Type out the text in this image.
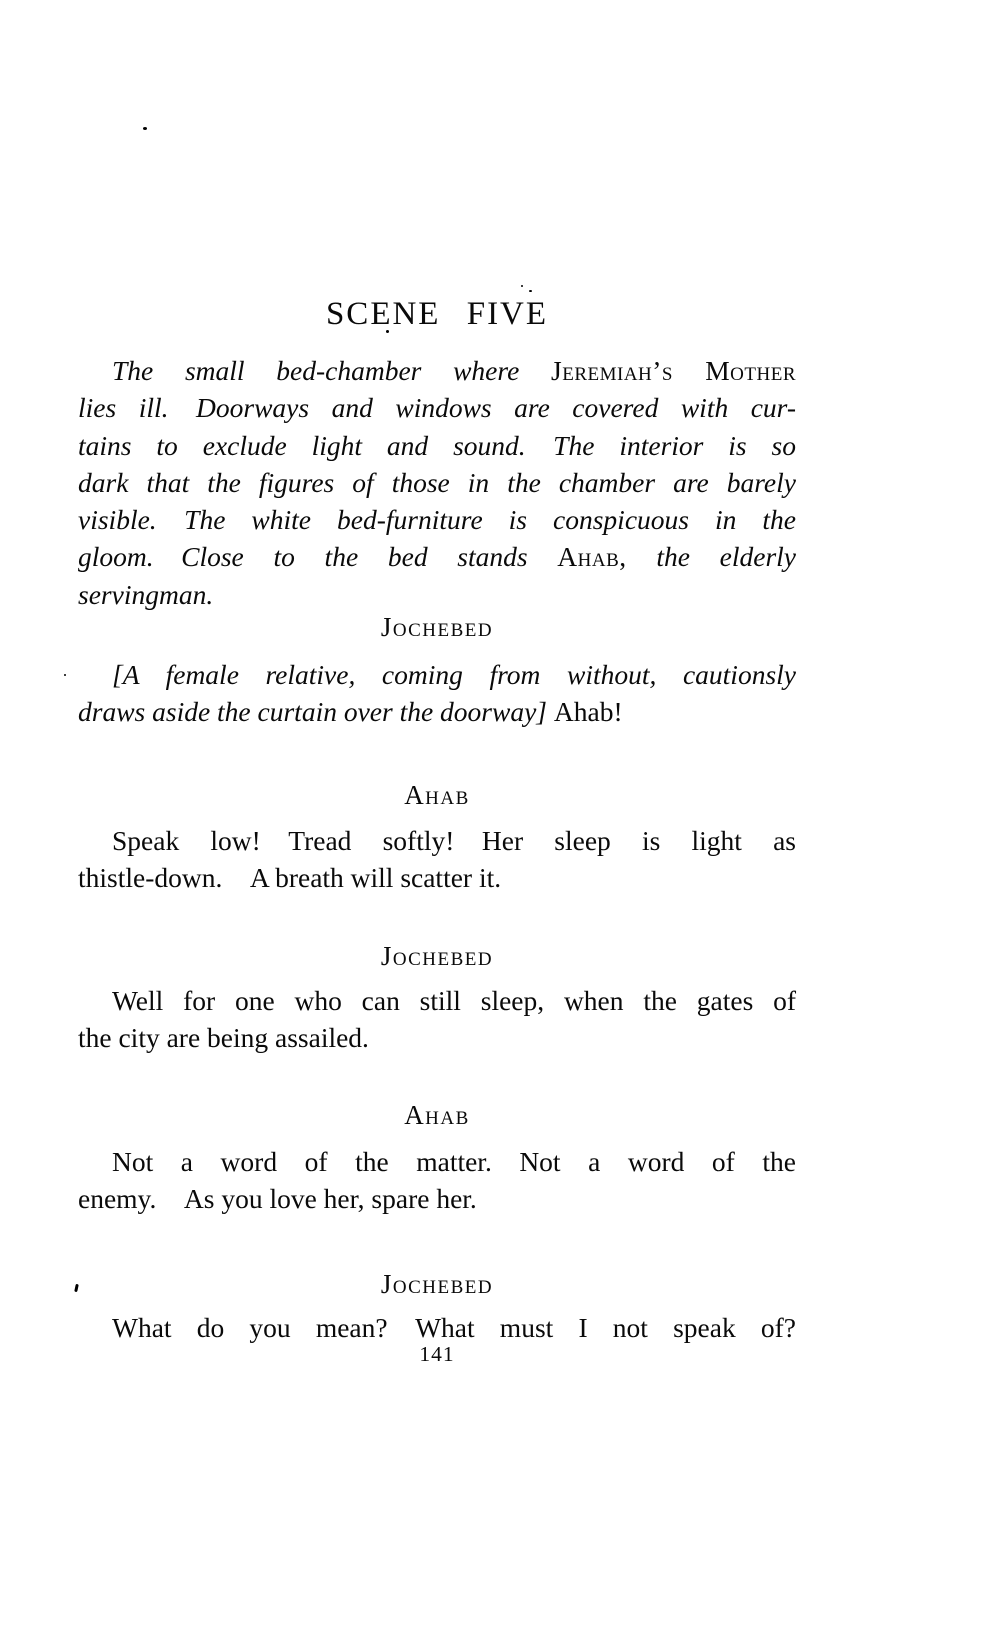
SCENE FIVE
The small bed-chamber where Jeremiah’s Mother
lies ill. Doorways and windows are covered with cur-
tains to exclude light and sound. The interior is so
dark that the figures of those in the chamber are barely
visible. The white bed-furniture is conspicuous in the
gloom. Close to the bed stands Ahab, the elderly
servingman.
Jochebed
[A female relative, coming from without, cautionsly
draws aside the curtain over the doorway] Ahab!
Ahab
Speak low! Tread softly! Her sleep is light as
thistle-down. A breath will scatter it.
Jochebed
Well for one who can still sleep, when the gates of
the city are being assailed.
Ahab
Not a word of the matter. Not a word of the
enemy. As you love her, spare her.
Jochebed
What do you mean? What must I not speak of?
141
